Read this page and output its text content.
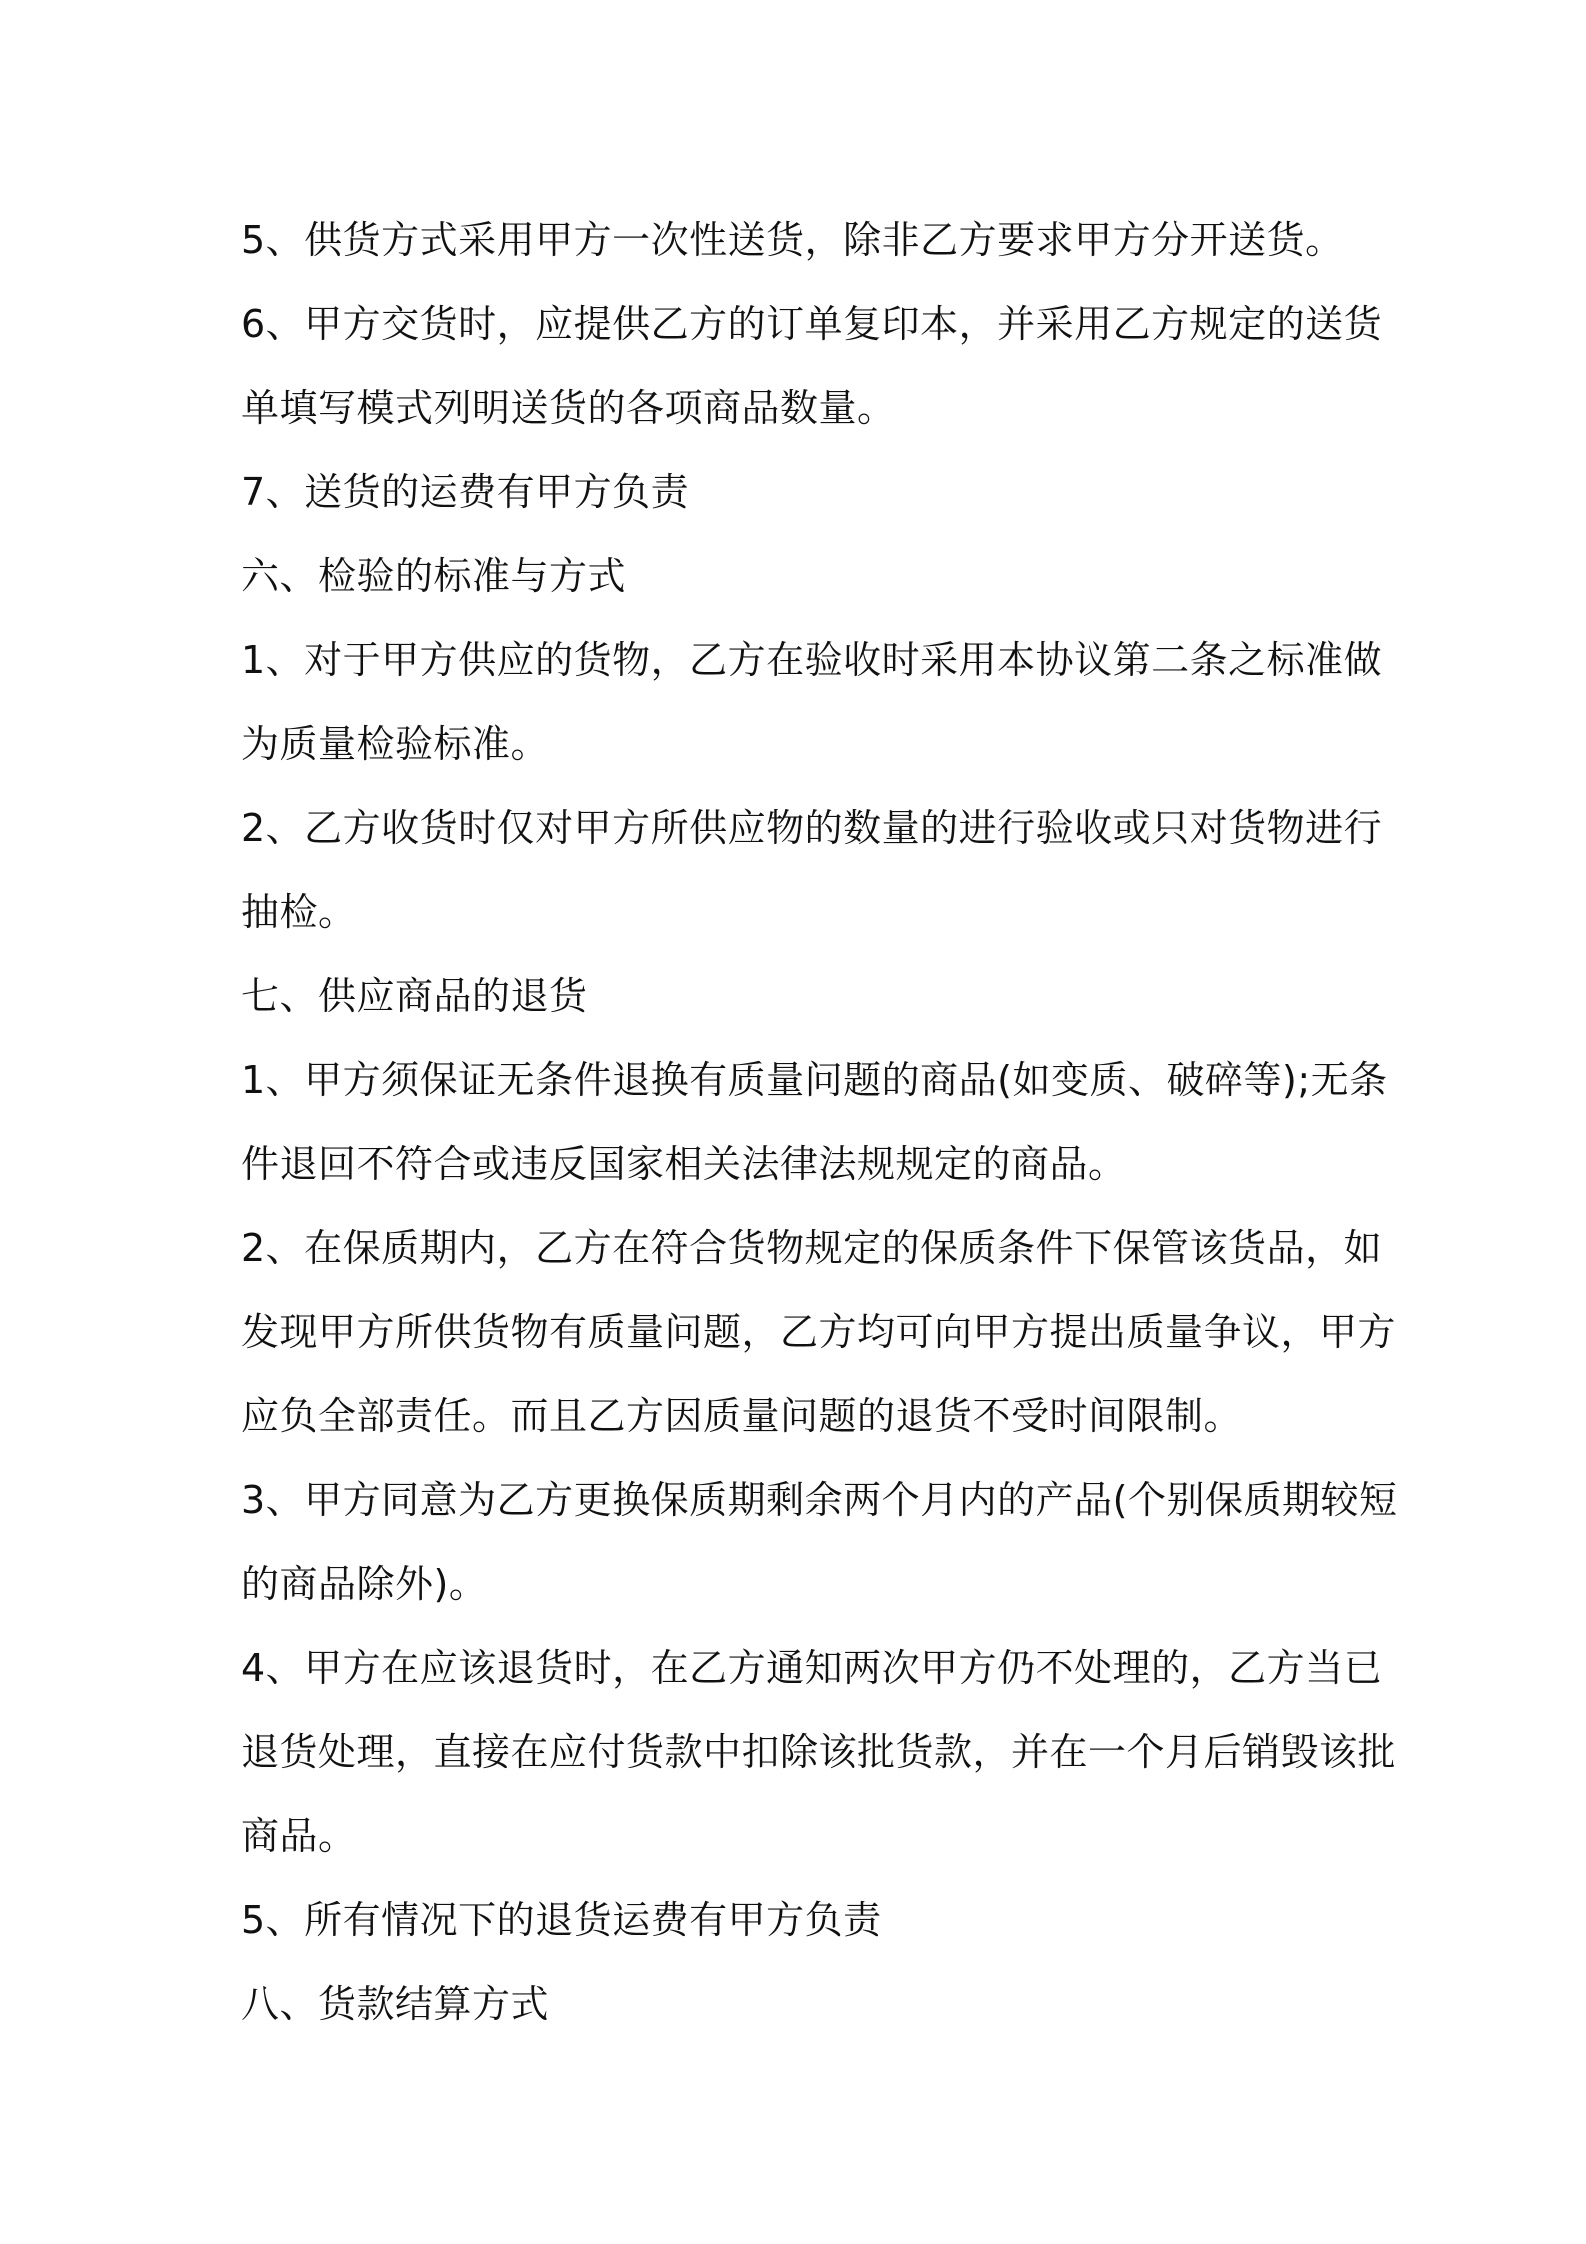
5、供货方式采用甲方一次性送货，除非乙方要求甲方分开送货。
6、甲方交货时，应提供乙方的订单复印本，并采用乙方规定的送货
单填写模式列明送货的各项商品数量。
7、送货的运费有甲方负责
六、检验的标准与方式
1、对于甲方供应的货物，乙方在验收时采用本协议第二条之标准做
为质量检验标准。
2、乙方收货时仅对甲方所供应物的数量的进行验收或只对货物进行
抽检。
七、供应商品的退货
1、甲方须保证无条件退换有质量问题的商品(如变质、破碎等);无条
件退回不符合或违反国家相关法律法规规定的商品。
2、在保质期内，乙方在符合货物规定的保质条件下保管该货品，如
发现甲方所供货物有质量问题，乙方均可向甲方提出质量争议，甲方
应负全部责任。而且乙方因质量问题的退货不受时间限制。
3、甲方同意为乙方更换保质期剩余两个月内的产品(个别保质期较短
的商品除外)。
4、甲方在应该退货时，在乙方通知两次甲方仍不处理的，乙方当已
退货处理，直接在应付货款中扣除该批货款，并在一个月后销毁该批
商品。
5、所有情况下的退货运费有甲方负责
八、货款结算方式
